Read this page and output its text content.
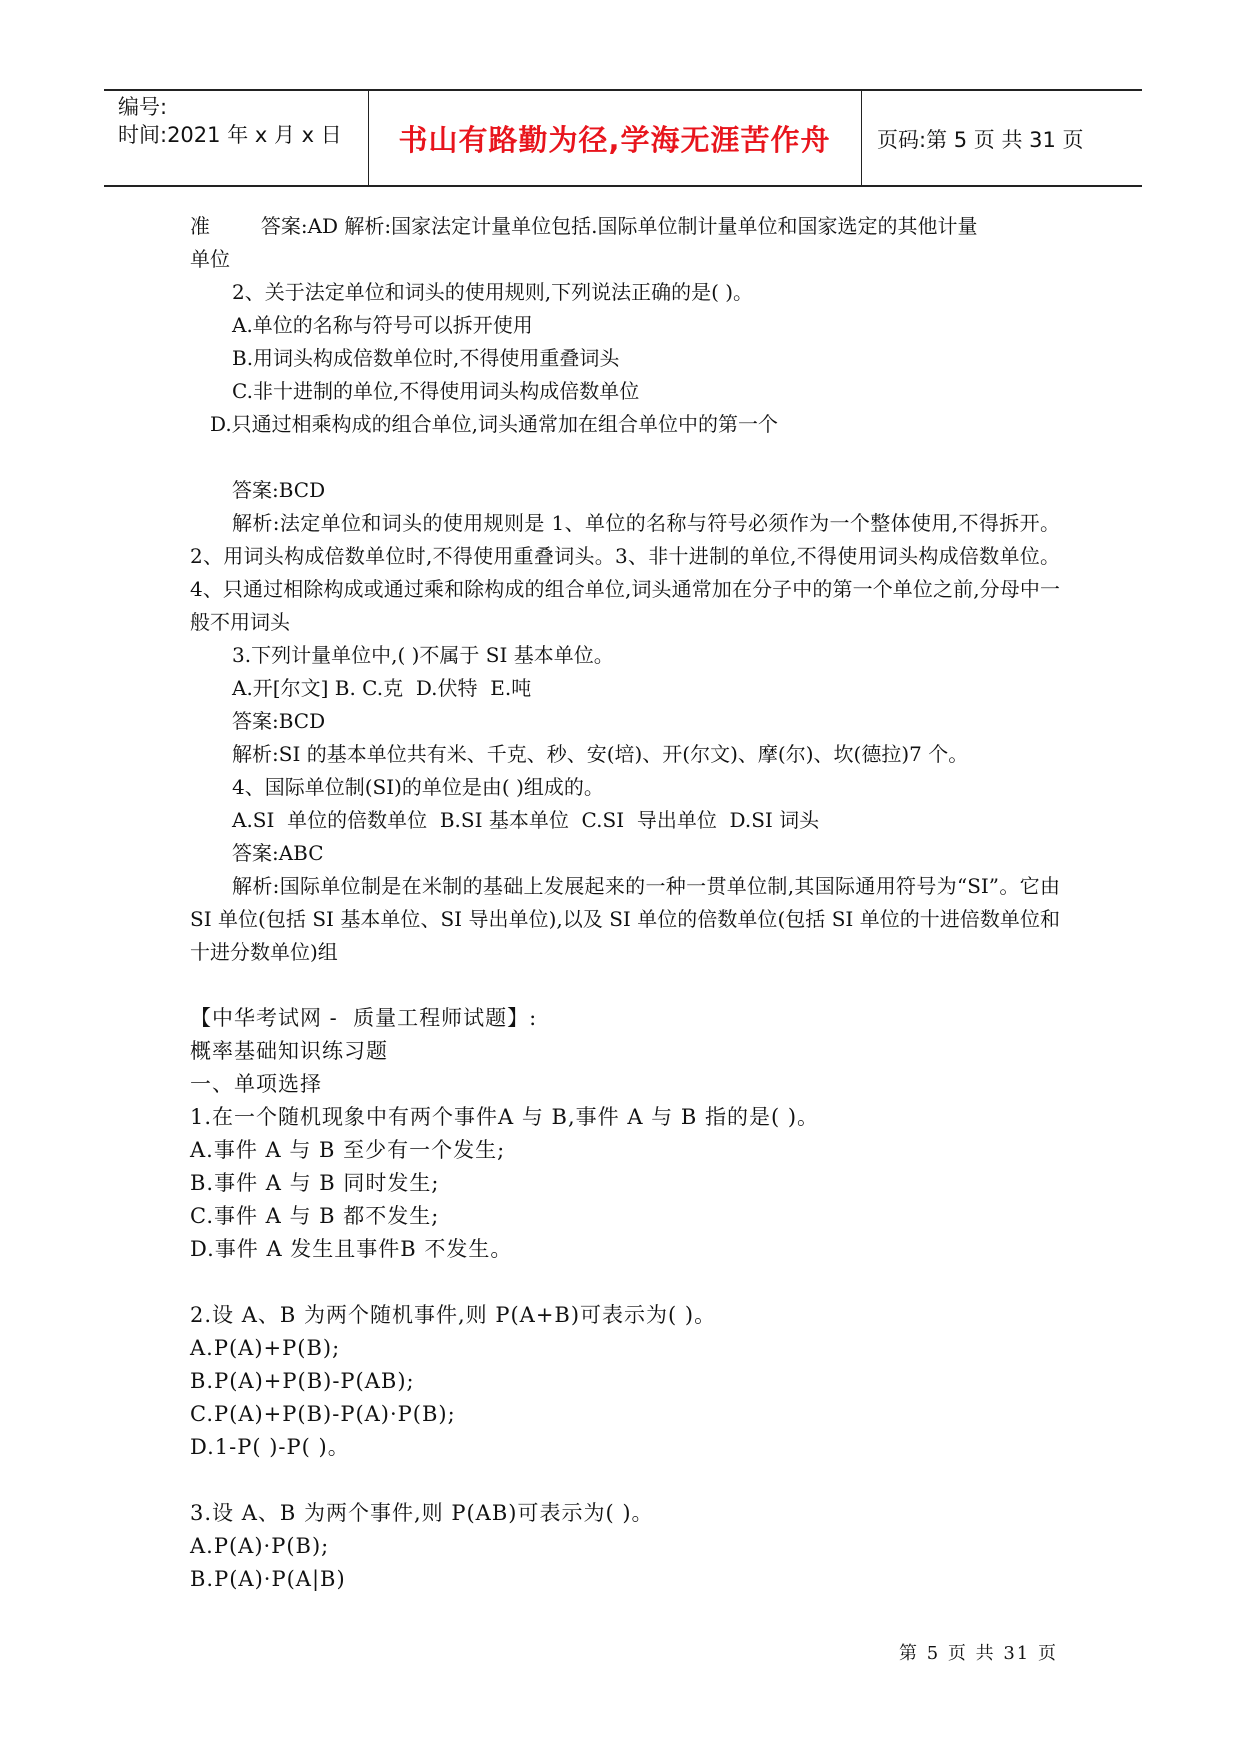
编号:
时间:2021 年 x 月 x 日	书山有路勤为径,学海无涯苦作舟	页码:第 5 页 共 31 页
准        答案:AD 解析:国家法定计量单位包括.国际单位制计量单位和国家选定的其他计量
单位
2、关于法定单位和词头的使用规则,下列说法正确的是( )。
A.单位的名称与符号可以拆开使用
B.用词头构成倍数单位时,不得使用重叠词头
C.非十进制的单位,不得使用词头构成倍数单位
D.只通过相乘构成的组合单位,词头通常加在组合单位中的第一个
答案:BCD
解析:法定单位和词头的使用规则是 1、单位的名称与符号必须作为一个整体使用,不得拆开。2、用词头构成倍数单位时,不得使用重叠词头。3、非十进制的单位,不得使用词头构成倍数单位。4、只通过相除构成或通过乘和除构成的组合单位,词头通常加在分子中的第一个单位之前,分母中一般不用词头
3.下列计量单位中,( )不属于 SI 基本单位。
A.开[尔文] B. C.克  D.伏特  E.吨
答案:BCD
解析:SI 的基本单位共有米、千克、秒、安(培)、开(尔文)、摩(尔)、坎(德拉)7 个。
4、国际单位制(SI)的单位是由( )组成的。
A.SI  单位的倍数单位  B.SI 基本单位  C.SI  导出单位  D.SI 词头
答案:ABC
解析:国际单位制是在米制的基础上发展起来的一种一贯单位制,其国际通用符号为“SI”。它由 SI 单位(包括 SI 基本单位、SI 导出单位),以及 SI 单位的倍数单位(包括 SI 单位的十进倍数单位和十进分数单位)组
【中华考试网 -  质量工程师试题】:
概率基础知识练习题
一、单项选择
1.在一个随机现象中有两个事件A 与 B,事件 A 与 B 指的是( )。
A.事件 A 与 B 至少有一个发生;
B.事件 A 与 B 同时发生;
C.事件 A 与 B 都不发生;
D.事件 A 发生且事件B 不发生。
2.设 A、B 为两个随机事件,则 P(A+B)可表示为( )。
A.P(A)+P(B);
B.P(A)+P(B)-P(AB);
C.P(A)+P(B)-P(A)·P(B);
D.1-P( )-P( )。
3.设 A、B 为两个事件,则 P(AB)可表示为( )。
A.P(A)·P(B);
B.P(A)·P(A|B)
第 5 页 共 31 页
